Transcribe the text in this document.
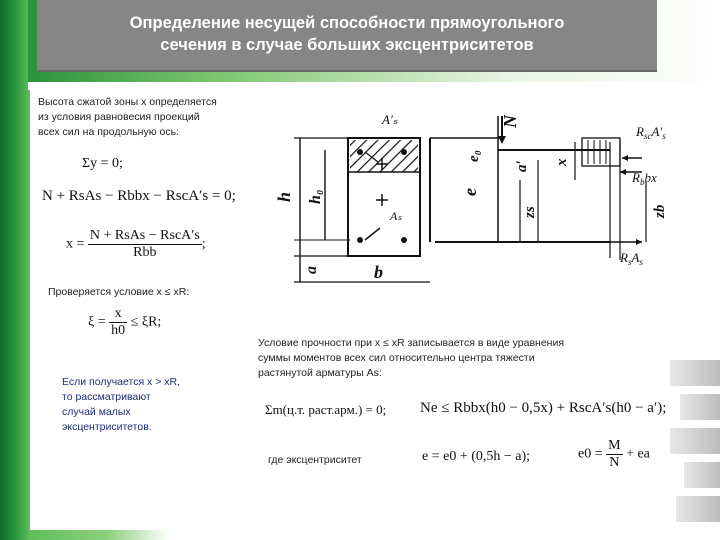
Определение несущей способности прямоугольного
сечения в случае больших эксцентриситетов
Высота сжатой зоны x определяется
из условия равновесия проекций
всех сил на продольную ось:
Σy = 0;
N + RsAs − Rbbx − RscA′s = 0;
$x = \frac{\text{N + RsAs − RscA′s}}{\text{Rbb}}$ ;
Проверяется условие x ≤ xR:
$\xi = \frac{x}{h0} \le \xi R$;
Если получается x > xR,
то рассматривают
случай малых
эксцентриситетов.
Условие прочности при x ≤ xR записывается в виде уравнения
суммы моментов всех сил относительно центра тяжести
растянутой арматуры As:
Σm(ц.т. раст.арм.) = 0; Ne ≤ Rbbx(h0 − 0,5x) + RscA′s(h0 − a′);
где эксцентриситет	e = e0 + (0,5h − a);	$e0 = \frac{M}{N}$ + ea
h h₀
a	b
A′ₛ
Aₛ
N
$R_{sc}A'_s$
$R_bbx$
$R_sA_s$
e
e₀
a′ x
zs	zb
